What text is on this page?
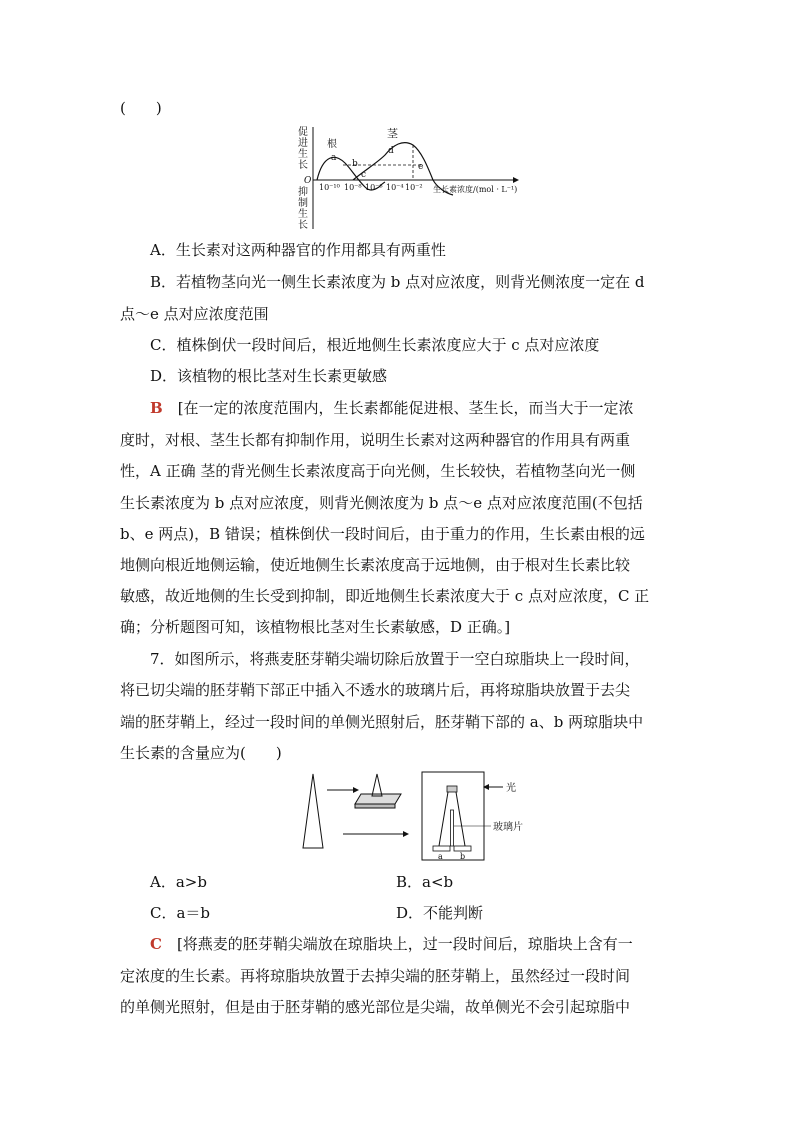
(　　)
促
进
生
长
O
抑
制
生
长
根
茎
a
b
c
d
e
10⁻¹⁰ 10⁻⁸ 10⁻⁶ 10⁻⁴ 10⁻² 生长素浓度/(mol · L⁻¹)
A．生长素对这两种器官的作用都具有两重性
B．若植物茎向光一侧生长素浓度为 b 点对应浓度，则背光侧浓度一定在 d
点～e 点对应浓度范围
C．植株倒伏一段时间后，根近地侧生长素浓度应大于 c 点对应浓度
D．该植物的根比茎对生长素更敏感
B  [在一定的浓度范围内，生长素都能促进根、茎生长，而当大于一定浓
度时，对根、茎生长都有抑制作用，说明生长素对这两种器官的作用具有两重
性，A 正确 茎的背光侧生长素浓度高于向光侧，生长较快，若植物茎向光一侧
生长素浓度为 b 点对应浓度，则背光侧浓度为 b 点～e 点对应浓度范围(不包括
b、e 两点)，B 错误；植株倒伏一段时间后，由于重力的作用，生长素由根的远
地侧向根近地侧运输，使近地侧生长素浓度高于远地侧，由于根对生长素比较
敏感，故近地侧的生长受到抑制，即近地侧生长素浓度大于 c 点对应浓度，C 正
确；分析题图可知，该植物根比茎对生长素敏感，D 正确。]
7．如图所示，将燕麦胚芽鞘尖端切除后放置于一空白琼脂块上一段时间，
将已切尖端的胚芽鞘下部正中插入不透水的玻璃片后，再将琼脂块放置于去尖
端的胚芽鞘上，经过一段时间的单侧光照射后，胚芽鞘下部的 a、b 两琼脂块中
生长素的含量应为(　　)
光
玻璃片
a b
A．a>b	B．a<b
C．a＝b	D．不能判断
C  [将燕麦的胚芽鞘尖端放在琼脂块上，过一段时间后，琼脂块上含有一
定浓度的生长素。再将琼脂块放置于去掉尖端的胚芽鞘上，虽然经过一段时间
的单侧光照射，但是由于胚芽鞘的感光部位是尖端，故单侧光不会引起琼脂中
